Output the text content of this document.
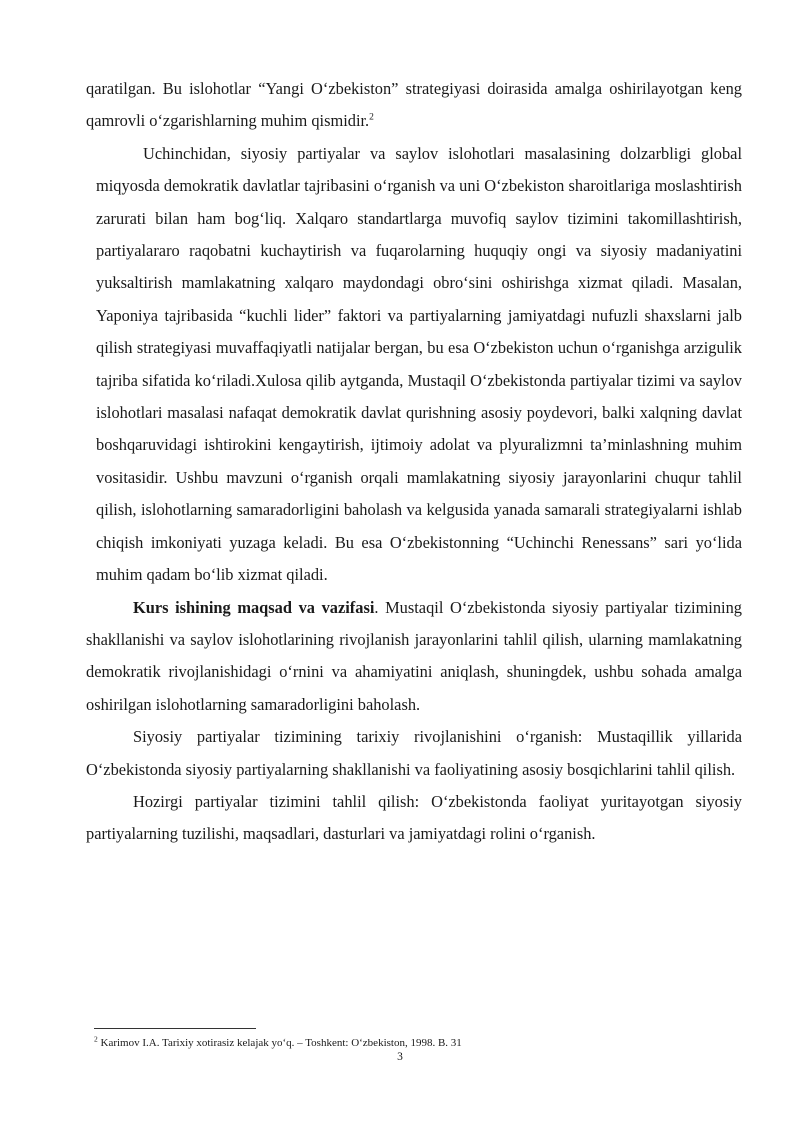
qaratilgan. Bu islohotlar “Yangi O‘zbekiston” strategiyasi doirasida amalga oshirilayotgan keng qamrovli o‘zgarishlarning muhim qismidir.$^2$

Uchinchidan, siyosiy partiyalar va saylov islohotlari masalasining dolzarbligi global miqyosda demokratik davlatlar tajribasini o‘rganish va uni O‘zbekiston sharoitlariga moslashtirish zarurati bilan ham bog‘liq. Xalqaro standartlarga muvofiq saylov tizimini takomillashtirish, partiyalararo raqobatni kuchaytirish va fuqarolarning huquqiy ongi va siyosiy madaniyatini yuksaltirish mamlakatning xalqaro maydondagi obro‘sini oshirishga xizmat qiladi. Masalan, Yaponiya tajribasida “kuchli lider” faktori va partiyalarning jamiyatdagi nufuzli shaxslarni jalb qilish strategiyasi muvaffaqiyatli natijalar bergan, bu esa O‘zbekiston uchun o‘rganishga arzigulik tajriba sifatida ko‘riladi.Xulosa qilib aytganda, Mustaqil O‘zbekistonda partiyalar tizimi va saylov islohotlari masalasi nafaqat demokratik davlat qurishning asosiy poydevori, balki xalqning davlat boshqaruvidagi ishtirokini kengaytirish, ijtimoiy adolat va plyuralizmni ta’minlashning muhim vositasidir. Ushbu mavzuni o‘rganish orqali mamlakatning siyosiy jarayonlarini chuqur tahlil qilish, islohotlarning samaradorligini baholash va kelgusida yanada samarali strategiyalarni ishlab chiqish imkoniyati yuzaga keladi. Bu esa O‘zbekistonning “Uchinchi Renessans” sari yo‘lida muhim qadam bo‘lib xizmat qiladi.

Kurs ishining maqsad va vazifasi. Mustaqil O‘zbekistonda siyosiy partiyalar tizimining shakllanishi va saylov islohotlarining rivojlanish jarayonlarini tahlil qilish, ularning mamlakatning demokratik rivojlanishidagi o‘rnini va ahamiyatini aniqlash, shuningdek, ushbu sohada amalga oshirilgan islohotlarning samaradorligini baholash.

Siyosiy partiyalar tizimining tarixiy rivojlanishini o‘rganish: Mustaqillik yillarida O‘zbekistonda siyosiy partiyalarning shakllanishi va faoliyatining asosiy bosqichlarini tahlil qilish.

Hozirgi partiyalar tizimini tahlil qilish: O‘zbekistonda faoliyat yuritayotgan siyosiy partiyalarning tuzilishi, maqsadlari, dasturlari va jamiyatdagi rolini o‘rganish.

$^2$ Karimov I.A. Tarixiy xotirasiz kelajak yo‘q. – Toshkent: O‘zbekiston, 1998. B. 31
3
